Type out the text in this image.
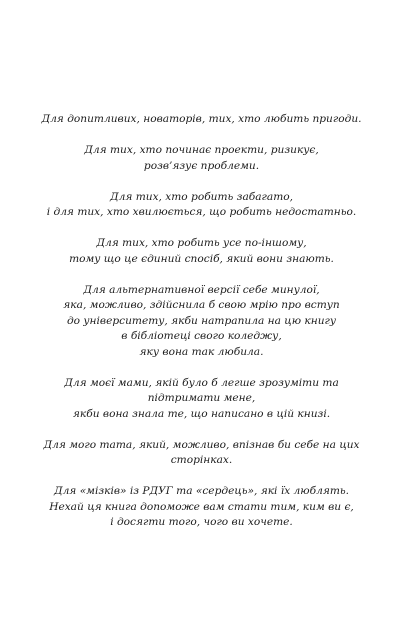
Для допитливих, новаторів, тих, хто любить пригоди.

Для тих, хто починає проекти, ризикує,
розв’язує проблеми.

Для тих, хто робить забагато,
і для тих, хто хвилюється, що робить недостатньо.

Для тих, хто робить усе по-іншому,
тому що це єдиний спосіб, який вони знають.

Для альтернативної версії себе минулої,
яка, можливо, здійснила б свою мрію про вступ
до університету, якби натрапила на цю книгу
в бібліотеці свого коледжу,
яку вона так любила.

Для моєї мами, якій було б легше зрозуміти та
підтримати мене,
якби вона знала те, що написано в цій книзі.

Для мого тата, який, можливо, впізнав би себе на цих
сторінках.

Для «мізків» із РДУГ та «сердець», які їх люблять.
Нехай ця книга допоможе вам стати тим, ким ви є,
і досягти того, чого ви хочете.
